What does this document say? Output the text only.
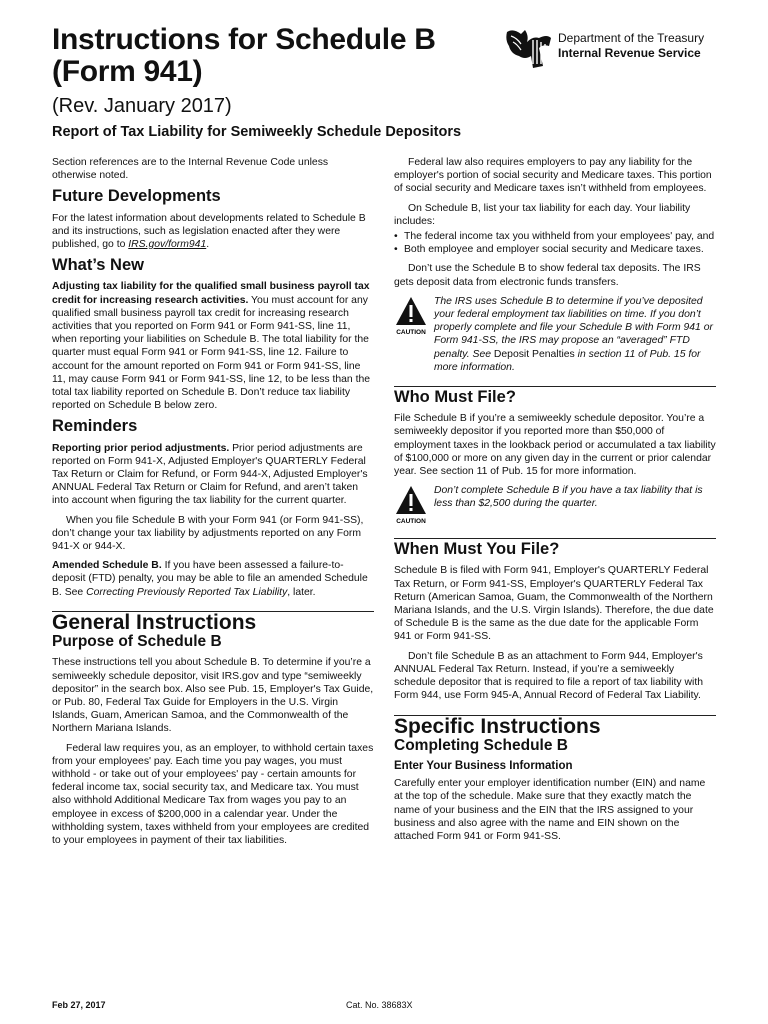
Instructions for Schedule B
(Form 941)
(Rev. January 2017)
Report of Tax Liability for Semiweekly Schedule Depositors
Department of the Treasury
Internal Revenue Service

Section references are to the Internal Revenue Code unless otherwise noted.

Future Developments

For the latest information about developments related to Schedule B and its instructions, such as legislation enacted after they were published, go to IRS.gov/form941.

What’s New

Adjusting tax liability for the qualified small business payroll tax credit for increasing research activities. You must account for any qualified small business payroll tax credit for increasing research activities that you reported on Form 941 or Form 941-SS, line 11, when reporting your liabilities on Schedule B. The total liability for the quarter must equal Form 941 or Form 941-SS, line 12. Failure to account for the amount reported on Form 941 or Form 941-SS, line 11, may cause Form 941 or Form 941-SS, line 12, to be less than the total tax liability reported on Schedule B. Don’t reduce tax liability reported on Schedule B below zero.

Reminders

Reporting prior period adjustments. Prior period adjustments are reported on Form 941-X, Adjusted Employer's QUARTERLY Federal Tax Return or Claim for Refund, or Form 944-X, Adjusted Employer's ANNUAL Federal Tax Return or Claim for Refund, and aren’t taken into account when figuring the tax liability for the current quarter.

When you file Schedule B with your Form 941 (or Form 941-SS), don’t change your tax liability by adjustments reported on any Form 941-X or 944-X.

Amended Schedule B. If you have been assessed a failure-to-deposit (FTD) penalty, you may be able to file an amended Schedule B. See Correcting Previously Reported Tax Liability, later.

General Instructions
Purpose of Schedule B

These instructions tell you about Schedule B. To determine if you’re a semiweekly schedule depositor, visit IRS.gov and type “semiweekly depositor” in the search box. Also see Pub. 15, Employer's Tax Guide, or Pub. 80, Federal Tax Guide for Employers in the U.S. Virgin Islands, Guam, American Samoa, and the Commonwealth of the Northern Mariana Islands.

Federal law requires you, as an employer, to withhold certain taxes from your employees' pay. Each time you pay wages, you must withhold - or take out of your employees' pay - certain amounts for federal income tax, social security tax, and Medicare tax. You must also withhold Additional Medicare Tax from wages you pay to an employee in excess of $200,000 in a calendar year. Under the withholding system, taxes withheld from your employees are credited to your employees in payment of their tax liabilities.

Federal law also requires employers to pay any liability for the employer's portion of social security and Medicare taxes. This portion of social security and Medicare taxes isn’t withheld from employees.

On Schedule B, list your tax liability for each day. Your liability includes:

• The federal income tax you withheld from your employees' pay, and
• Both employee and employer social security and Medicare taxes.

Don’t use the Schedule B to show federal tax deposits. The IRS gets deposit data from electronic funds transfers.

CAUTION
The IRS uses Schedule B to determine if you’ve deposited your federal employment tax liabilities on time. If you don’t properly complete and file your Schedule B with Form 941 or Form 941-SS, the IRS may propose an “averaged” FTD penalty. See Deposit Penalties in section 11 of Pub. 15 for more information.
Who Must File?

File Schedule B if you’re a semiweekly schedule depositor. You’re a semiweekly depositor if you reported more than $50,000 of employment taxes in the lookback period or accumulated a tax liability of $100,000 or more on any given day in the current or prior calendar year. See section 11 of Pub. 15 for more information.

CAUTION
Don’t complete Schedule B if you have a tax liability that is less than $2,500 during the quarter.
When Must You File?

Schedule B is filed with Form 941, Employer's QUARTERLY Federal Tax Return, or Form 941-SS, Employer's QUARTERLY Federal Tax Return (American Samoa, Guam, the Commonwealth of the Northern Mariana Islands, and the U.S. Virgin Islands). Therefore, the due date of Schedule B is the same as the due date for the applicable Form 941 or Form 941-SS.

Don’t file Schedule B as an attachment to Form 944, Employer's ANNUAL Federal Tax Return. Instead, if you’re a semiweekly schedule depositor that is required to file a report of tax liability with Form 944, use Form 945-A, Annual Record of Federal Tax Liability.

Specific Instructions
Completing Schedule B
Enter Your Business Information

Carefully enter your employer identification number (EIN) and name at the top of the schedule. Make sure that they exactly match the name of your business and the EIN that the IRS assigned to your business and also agree with the name and EIN shown on the attached Form 941 or Form 941-SS.

Feb 27, 2017	Cat. No. 38683X
